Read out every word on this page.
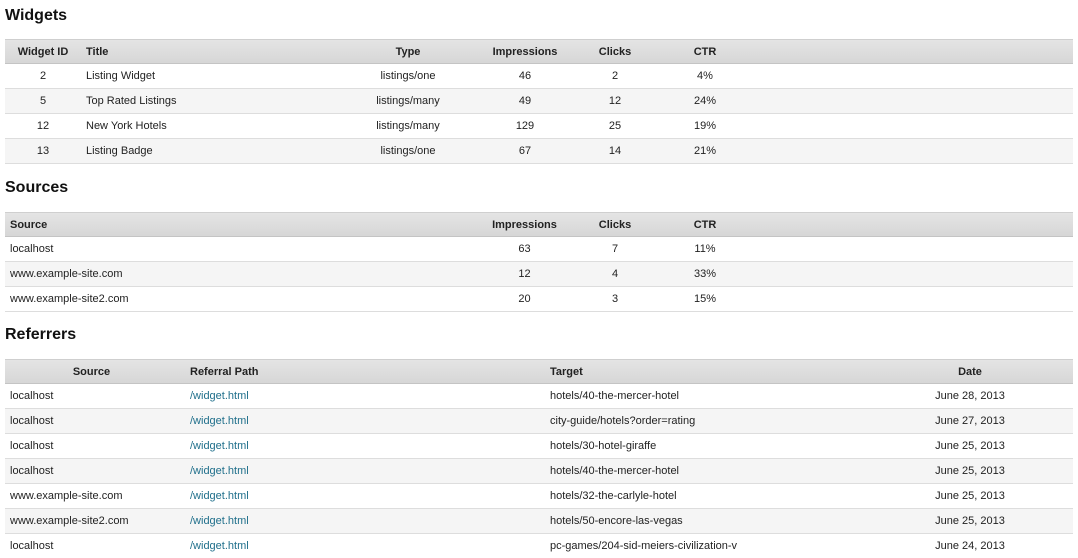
Widgets
Widget ID	Title	Type	Impressions	Clicks	CTR	
2	Listing Widget	listings/one	46	2	4%	
5	Top Rated Listings	listings/many	49	12	24%	
12	New York Hotels	listings/many	129	25	19%	
13	Listing Badge	listings/one	67	14	21%	
Sources
Source	Impressions	Clicks	CTR	
localhost	63	7	11%	
www.example-site.com	12	4	33%	
www.example-site2.com	20	3	15%	
Referrers
Source	Referral Path	Target	Date	
localhost	/widget.html	hotels/40-the-mercer-hotel	June 28, 2013	
localhost	/widget.html	city-guide/hotels?order=rating	June 27, 2013	
localhost	/widget.html	hotels/30-hotel-giraffe	June 25, 2013	
localhost	/widget.html	hotels/40-the-mercer-hotel	June 25, 2013	
www.example-site.com	/widget.html	hotels/32-the-carlyle-hotel	June 25, 2013	
www.example-site2.com	/widget.html	hotels/50-encore-las-vegas	June 25, 2013	
localhost	/widget.html	pc-games/204-sid-meiers-civilization-v	June 24, 2013	
